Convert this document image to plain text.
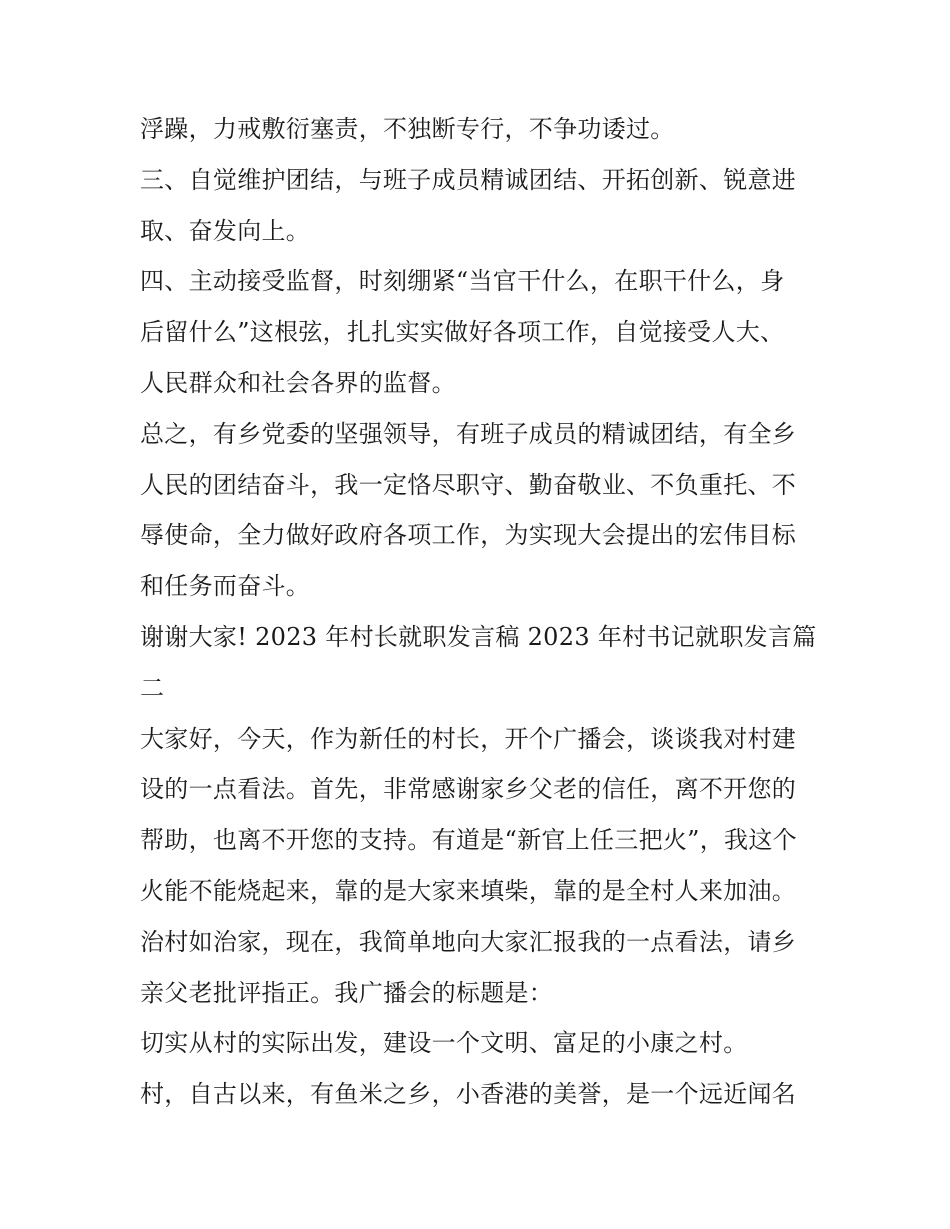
浮躁，力戒敷衍塞责，不独断专行，不争功诿过。
三、自觉维护团结，与班子成员精诚团结、开拓创新、锐意进
取、奋发向上。
四、主动接受监督，时刻绷紧“当官干什么，在职干什么，身
后留什么”这根弦，扎扎实实做好各项工作，自觉接受人大、
人民群众和社会各界的监督。
总之，有乡党委的坚强领导，有班子成员的精诚团结，有全乡
人民的团结奋斗，我一定恪尽职守、勤奋敬业、不负重托、不
辱使命，全力做好政府各项工作，为实现大会提出的宏伟目标
和任务而奋斗。
谢谢大家! 2023 年村长就职发言稿 2023 年村书记就职发言篇
二
大家好，今天，作为新任的村长，开个广播会，谈谈我对村建
设的一点看法。首先，非常感谢家乡父老的信任，离不开您的
帮助，也离不开您的支持。有道是“新官上任三把火”，我这个
火能不能烧起来，靠的是大家来填柴，靠的是全村人来加油。
治村如治家，现在，我简单地向大家汇报我的一点看法，请乡
亲父老批评指正。我广播会的标题是：
切实从村的实际出发，建设一个文明、富足的小康之村。
村，自古以来，有鱼米之乡，小香港的美誉，是一个远近闻名
